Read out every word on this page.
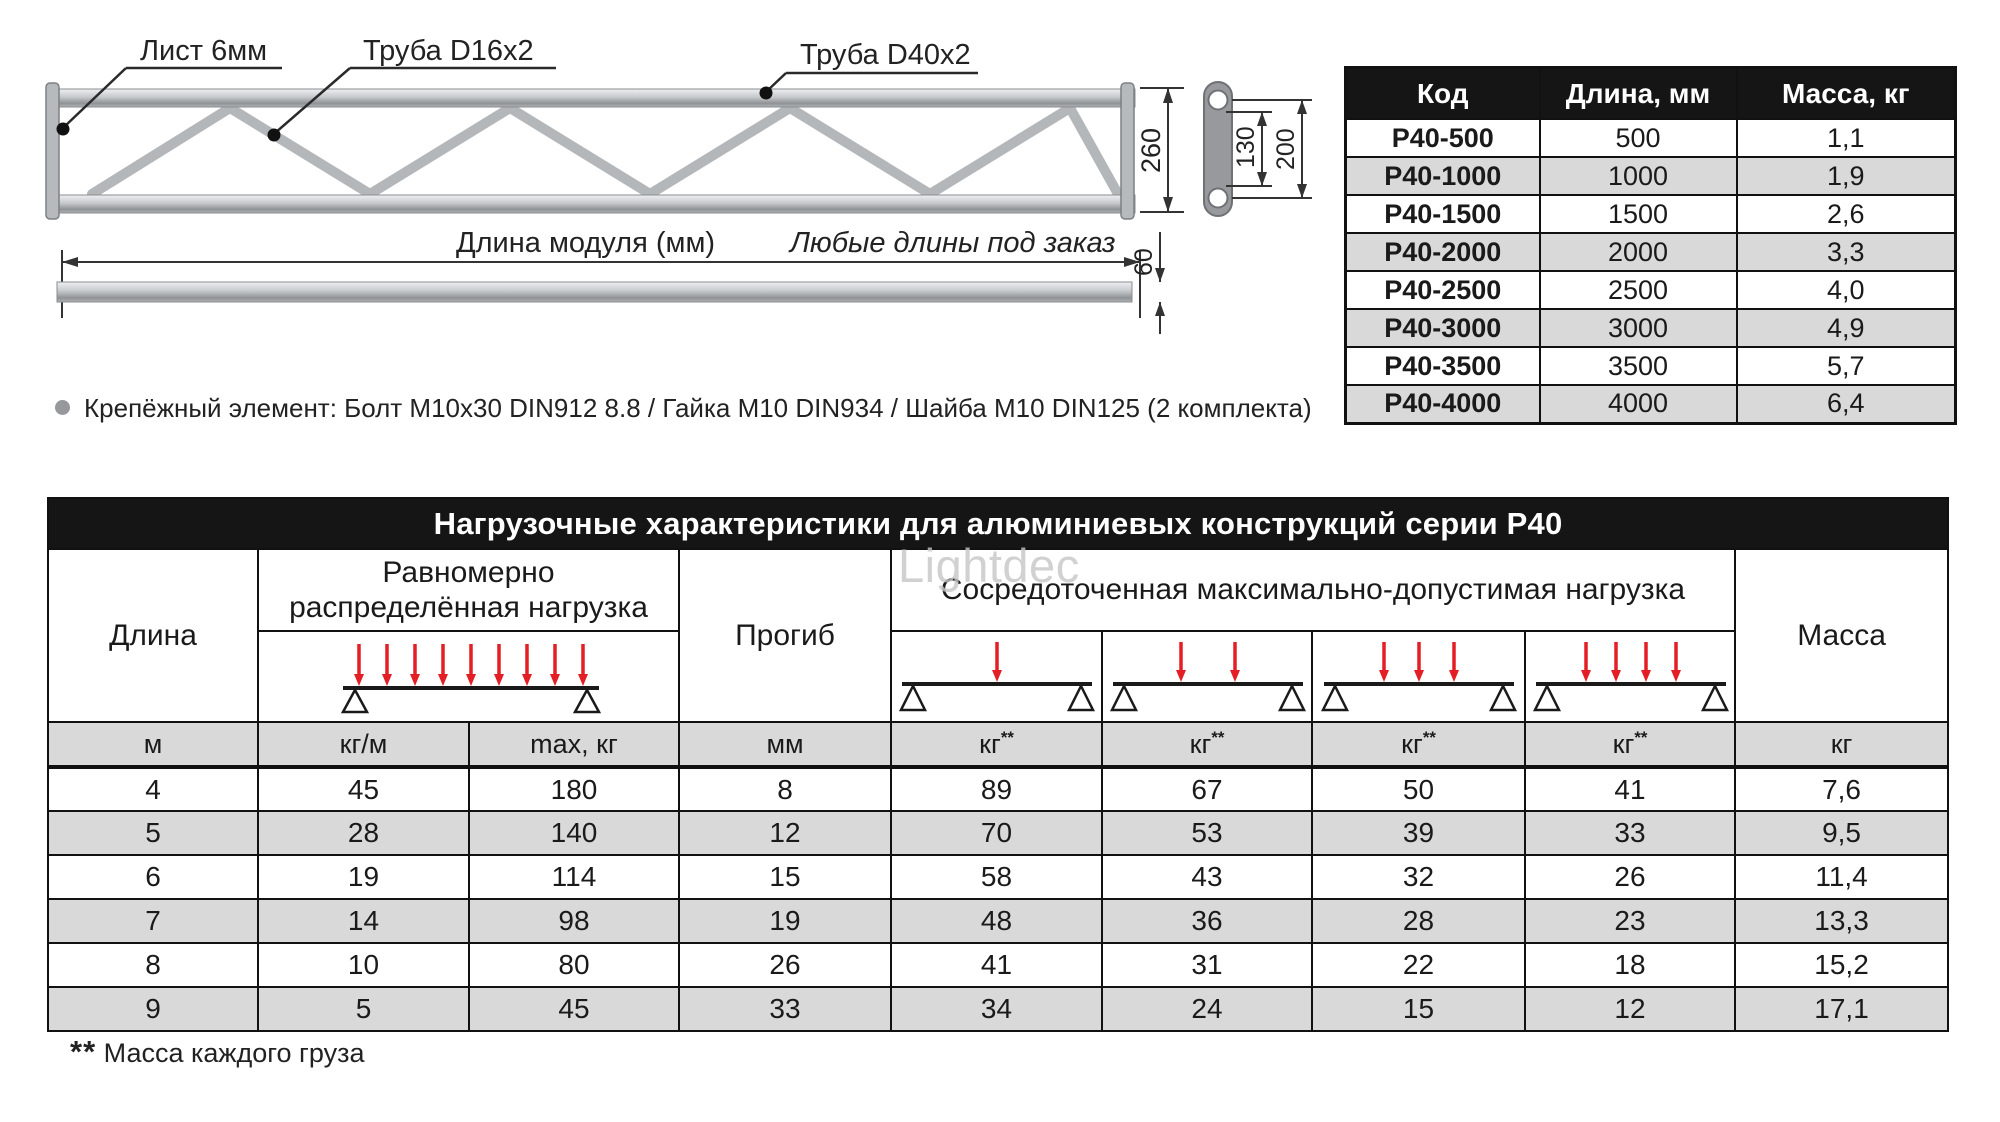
Лист 6мм	Труба D16x2	Труба D40x2
260	130 200
Длина модуля (мм)	Любые длины под заказ
60
Крепёжный элемент: Болт М10х30 DIN912 8.8 / Гайка М10 DIN934 / Шайба М10 DIN125 (2 комплекта)
Код	Длина, мм	Масса, кг
P40-500	500	1,1
P40-1000	1000	1,9
P40-1500	1500	2,6
P40-2000	2000	3,3
P40-2500	2500	4,0
P40-3000	3000	4,9
P40-3500	3500	5,7
P40-4000	4000	6,4
Нагрузочные характеристики для алюминиевых конструкций серии Р40								
Длина	Равномерно распределённая нагрузка		Прогиб	Сосредоточенная максимально-допустимая нагрузка				Масса

м	кг/м	max, кг	мм	кг**	кг**	кг**	кг**	кг
4	45	180	8	89	67	50	41	7,6
5	28	140	12	70	53	39	33	9,5
6	19	114	15	58	43	32	26	11,4
7	14	98	19	48	36	28	23	13,3
8	10	80	26	41	31	22	18	15,2
9	5	45	33	34	24	15	12	17,1
Lightdec
** Масса каждого груза
